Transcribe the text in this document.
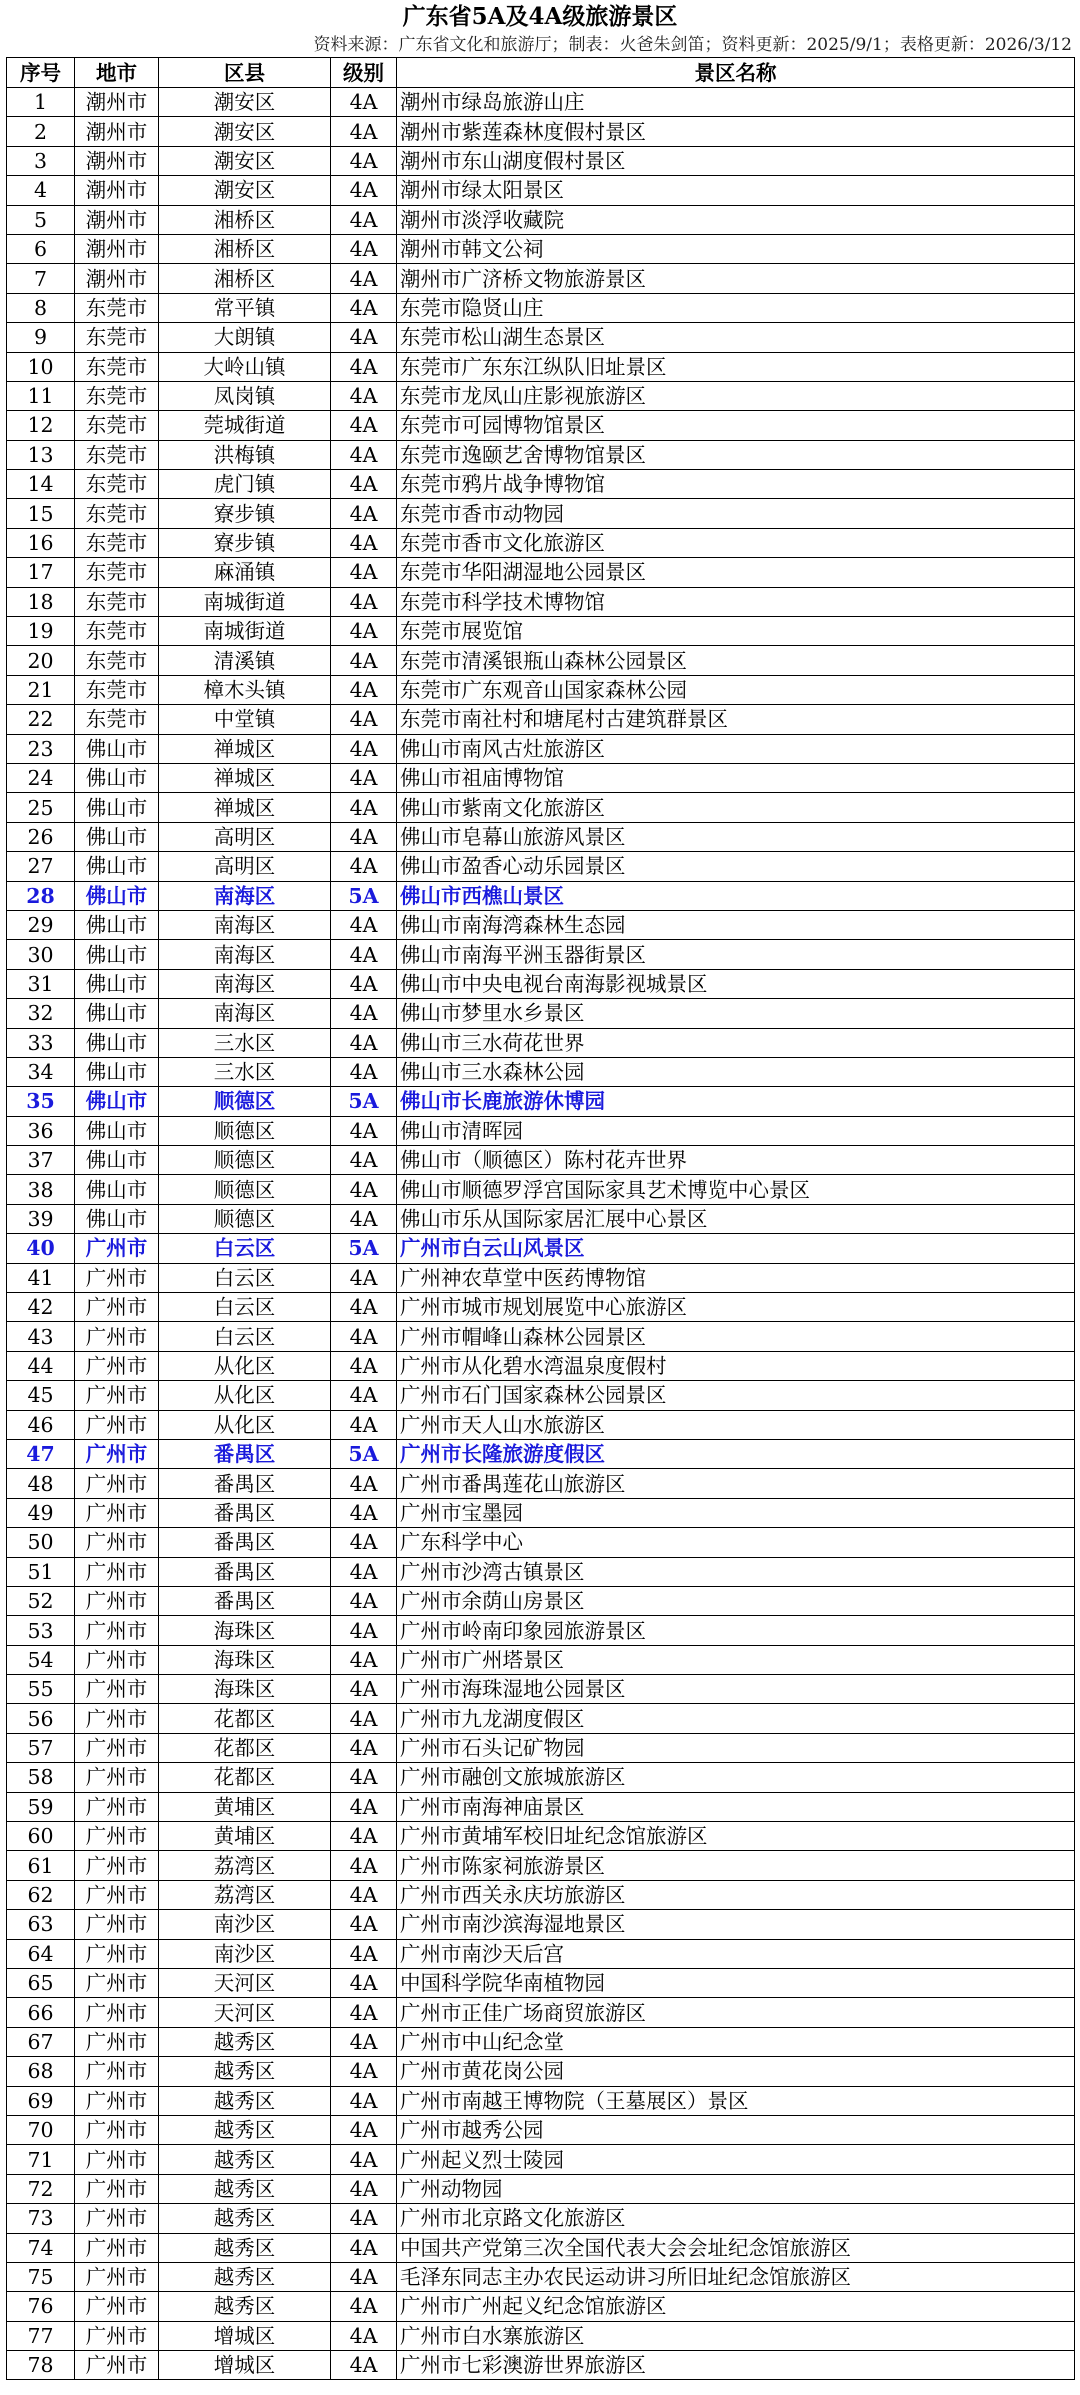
广东省5A及4A级旅游景区
资料来源：广东省文化和旅游厅；制表：火爸朱剑笛；资料更新：2025/9/1；表格更新：2026/3/12
序号	地市	区县	级别	景区名称
1	潮州市	潮安区	4A	潮州市绿岛旅游山庄
2	潮州市	潮安区	4A	潮州市紫莲森林度假村景区
3	潮州市	潮安区	4A	潮州市东山湖度假村景区
4	潮州市	潮安区	4A	潮州市绿太阳景区
5	潮州市	湘桥区	4A	潮州市淡浮收藏院
6	潮州市	湘桥区	4A	潮州市韩文公祠
7	潮州市	湘桥区	4A	潮州市广济桥文物旅游景区
8	东莞市	常平镇	4A	东莞市隐贤山庄
9	东莞市	大朗镇	4A	东莞市松山湖生态景区
10	东莞市	大岭山镇	4A	东莞市广东东江纵队旧址景区
11	东莞市	凤岗镇	4A	东莞市龙凤山庄影视旅游区
12	东莞市	莞城街道	4A	东莞市可园博物馆景区
13	东莞市	洪梅镇	4A	东莞市逸颐艺舍博物馆景区
14	东莞市	虎门镇	4A	东莞市鸦片战争博物馆
15	东莞市	寮步镇	4A	东莞市香市动物园
16	东莞市	寮步镇	4A	东莞市香市文化旅游区
17	东莞市	麻涌镇	4A	东莞市华阳湖湿地公园景区
18	东莞市	南城街道	4A	东莞市科学技术博物馆
19	东莞市	南城街道	4A	东莞市展览馆
20	东莞市	清溪镇	4A	东莞市清溪银瓶山森林公园景区
21	东莞市	樟木头镇	4A	东莞市广东观音山国家森林公园
22	东莞市	中堂镇	4A	东莞市南社村和塘尾村古建筑群景区
23	佛山市	禅城区	4A	佛山市南风古灶旅游区
24	佛山市	禅城区	4A	佛山市祖庙博物馆
25	佛山市	禅城区	4A	佛山市紫南文化旅游区
26	佛山市	高明区	4A	佛山市皂幕山旅游风景区
27	佛山市	高明区	4A	佛山市盈香心动乐园景区
28	佛山市	南海区	5A	佛山市西樵山景区
29	佛山市	南海区	4A	佛山市南海湾森林生态园
30	佛山市	南海区	4A	佛山市南海平洲玉器街景区
31	佛山市	南海区	4A	佛山市中央电视台南海影视城景区
32	佛山市	南海区	4A	佛山市梦里水乡景区
33	佛山市	三水区	4A	佛山市三水荷花世界
34	佛山市	三水区	4A	佛山市三水森林公园
35	佛山市	顺德区	5A	佛山市长鹿旅游休博园
36	佛山市	顺德区	4A	佛山市清晖园
37	佛山市	顺德区	4A	佛山市（顺德区）陈村花卉世界
38	佛山市	顺德区	4A	佛山市顺德罗浮宫国际家具艺术博览中心景区
39	佛山市	顺德区	4A	佛山市乐从国际家居汇展中心景区
40	广州市	白云区	5A	广州市白云山风景区
41	广州市	白云区	4A	广州神农草堂中医药博物馆
42	广州市	白云区	4A	广州市城市规划展览中心旅游区
43	广州市	白云区	4A	广州市帽峰山森林公园景区
44	广州市	从化区	4A	广州市从化碧水湾温泉度假村
45	广州市	从化区	4A	广州市石门国家森林公园景区
46	广州市	从化区	4A	广州市天人山水旅游区
47	广州市	番禺区	5A	广州市长隆旅游度假区
48	广州市	番禺区	4A	广州市番禺莲花山旅游区
49	广州市	番禺区	4A	广州市宝墨园
50	广州市	番禺区	4A	广东科学中心
51	广州市	番禺区	4A	广州市沙湾古镇景区
52	广州市	番禺区	4A	广州市余荫山房景区
53	广州市	海珠区	4A	广州市岭南印象园旅游景区
54	广州市	海珠区	4A	广州市广州塔景区
55	广州市	海珠区	4A	广州市海珠湿地公园景区
56	广州市	花都区	4A	广州市九龙湖度假区
57	广州市	花都区	4A	广州市石头记矿物园
58	广州市	花都区	4A	广州市融创文旅城旅游区
59	广州市	黄埔区	4A	广州市南海神庙景区
60	广州市	黄埔区	4A	广州市黄埔军校旧址纪念馆旅游区
61	广州市	荔湾区	4A	广州市陈家祠旅游景区
62	广州市	荔湾区	4A	广州市西关永庆坊旅游区
63	广州市	南沙区	4A	广州市南沙滨海湿地景区
64	广州市	南沙区	4A	广州市南沙天后宫
65	广州市	天河区	4A	中国科学院华南植物园
66	广州市	天河区	4A	广州市正佳广场商贸旅游区
67	广州市	越秀区	4A	广州市中山纪念堂
68	广州市	越秀区	4A	广州市黄花岗公园
69	广州市	越秀区	4A	广州市南越王博物院（王墓展区）景区
70	广州市	越秀区	4A	广州市越秀公园
71	广州市	越秀区	4A	广州起义烈士陵园
72	广州市	越秀区	4A	广州动物园
73	广州市	越秀区	4A	广州市北京路文化旅游区
74	广州市	越秀区	4A	中国共产党第三次全国代表大会会址纪念馆旅游区
75	广州市	越秀区	4A	毛泽东同志主办农民运动讲习所旧址纪念馆旅游区
76	广州市	越秀区	4A	广州市广州起义纪念馆旅游区
77	广州市	增城区	4A	广州市白水寨旅游区
78	广州市	增城区	4A	广州市七彩澳游世界旅游区
